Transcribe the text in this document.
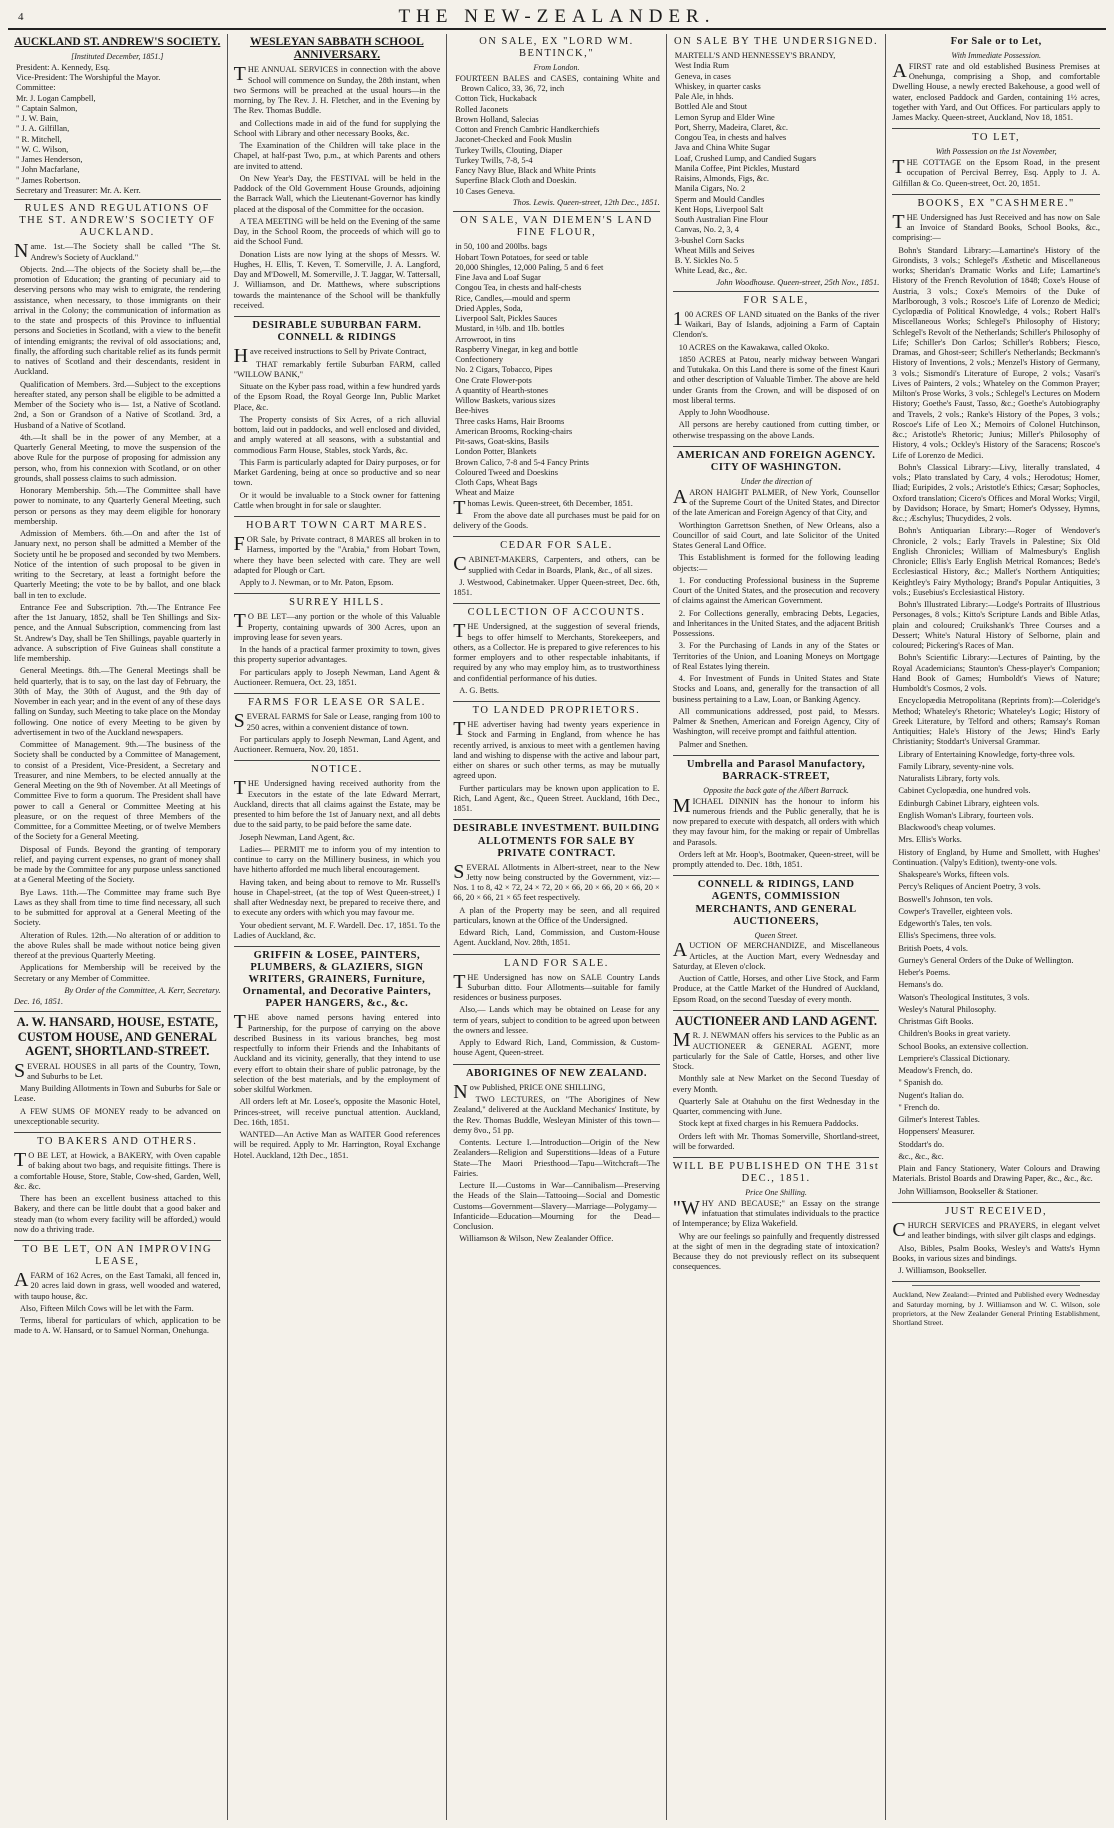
4	THE NEW-ZEALANDER.
AUCKLAND ST. ANDREW'S SOCIETY.
[Instituted December, 1851.]

President: A. Kennedy, Esq.

Vice-President: The Worshipful the Mayor.

Committee:

Mr. J. Logan Campbell,

" Captain Salmon,

" J. W. Bain,

" J. A. Gilfillan,

" R. Mitchell,

" W. C. Wilson,

" James Henderson,

" John Macfarlane,

" James Robertson.

Secretary and Treasurer: Mr. A. Kerr.

RULES AND REGULATIONS OF THE ST. ANDREW'S SOCIETY OF AUCKLAND.

Name. 1st.—The Society shall be called "The St. Andrew's Society of Auckland."

Objects. 2nd.—The objects of the Society shall be,—the promotion of Education; the granting of pecuniary aid to deserving persons who may wish to emigrate, the rendering assistance, when necessary, to those immigrants on their arrival in the Colony; the communication of information as to the state and prospects of this Province to influential persons and Societies in Scotland, with a view to the benefit of intending emigrants; the revival of old associations; and, finally, the affording such charitable relief as its funds permit to natives of Scotland and their descendants, resident in Auckland.

Qualification of Members. 3rd.—Subject to the exceptions hereafter stated, any person shall be eligible to be admitted a Member of the Society who is— 1st, a Native of Scotland. 2nd, a Son or Grandson of a Native of Scotland. 3rd, a Husband of a Native of Scotland.

4th.—It shall be in the power of any Member, at a Quarterly General Meeting, to move the suspension of the above Rule for the purpose of proposing for admission any person, who, from his connexion with Scotland, or on other grounds, shall possess claims to such admission.

Honorary Membership. 5th.—The Committee shall have power to nominate, to any Quarterly General Meeting, such person or persons as they may deem eligible for honorary membership.

Admission of Members. 6th.—On and after the 1st of January next, no person shall be admitted a Member of the Society until he be proposed and seconded by two Members. Notice of the intention of such proposal to be given in writing to the Secretary, at least a fortnight before the Quarterly Meeting; the vote to be by ballot, and one black ball in ten to exclude.

Entrance Fee and Subscription. 7th.—The Entrance Fee after the 1st January, 1852, shall be Ten Shillings and Six-pence, and the Annual Subscription, commencing from last St. Andrew's Day, shall be Ten Shillings, payable quarterly in advance. A subscription of Five Guineas shall constitute a life membership.

General Meetings. 8th.—The General Meetings shall be held quarterly, that is to say, on the last day of February, the 30th of May, the 30th of August, and the 9th day of November in each year; and in the event of any of these days falling on Sunday, such Meeting to take place on the Monday following. One notice of every Meeting to be given by advertisement in two of the Auckland newspapers.

Committee of Management. 9th.—The business of the Society shall be conducted by a Committee of Management, to consist of a President, Vice-President, a Secretary and Treasurer, and nine Members, to be elected annually at the General Meeting on the 9th of November. At all Meetings of Committee Five to form a quorum. The President shall have power to call a General or Committee Meeting at his pleasure, or on the request of three Members of the Committee, for a Committee Meeting, or of twelve Members of the Society for a General Meeting.

Disposal of Funds. Beyond the granting of temporary relief, and paying current expenses, no grant of money shall be made by the Committee for any purpose unless sanctioned at a General Meeting of the Society.

Bye Laws. 11th.—The Committee may frame such Bye Laws as they shall from time to time find necessary, all such to be submitted for approval at a General Meeting of the Society.

Alteration of Rules. 12th.—No alteration of or addition to the above Rules shall be made without notice being given thereof at the previous Quarterly Meeting.

Applications for Membership will be received by the Secretary or any Member of Committee.

By Order of the Committee, A. Kerr, Secretary.

Dec. 16, 1851.

A. W. HANSARD, HOUSE, ESTATE, CUSTOM HOUSE, AND GENERAL AGENT, SHORTLAND-STREET.

SEVERAL HOUSES in all parts of the Country, Town, and Suburbs to be Let.

Many Building Allotments in Town and Suburbs for Sale or Lease.

A FEW SUMS OF MONEY ready to be advanced on unexceptionable security.

TO BAKERS AND OTHERS.

TO BE LET, at Howick, a BAKERY, with Oven capable of baking about two bags, and requisite fittings. There is a comfortable House, Store, Stable, Cow-shed, Garden, Well, &c. &c.

There has been an excellent business attached to this Bakery, and there can be little doubt that a good baker and steady man (to whom every facility will be afforded,) would now do a thriving trade.

TO BE LET, ON AN IMPROVING LEASE,

AFARM of 162 Acres, on the East Tamaki, all fenced in, 20 acres laid down in grass, well wooded and watered, with taupo house, &c.

Also, Fifteen Milch Cows will be let with the Farm.

Terms, liberal for particulars of which, application to be made to A. W. Hansard, or to Samuel Norman, Onehunga.

WESLEYAN SABBATH SCHOOL ANNIVERSARY.

THE ANNUAL SERVICES in connection with the above School will commence on Sunday, the 28th instant, when two Sermons will be preached at the usual hours—in the morning, by The Rev. J. H. Fletcher, and in the Evening by The Rev. Thomas Buddle.

and Collections made in aid of the fund for supplying the School with Library and other necessary Books, &c.

The Examination of the Children will take place in the Chapel, at half-past Two, p.m., at which Parents and others are invited to attend.

On New Year's Day, the FESTIVAL will be held in the Paddock of the Old Government House Grounds, adjoining the Barrack Wall, which the Lieutenant-Governor has kindly placed at the disposal of the Committee for the occasion.

A TEA MEETING will be held on the Evening of the same Day, in the School Room, the proceeds of which will go to aid the School Fund.

Donation Lists are now lying at the shops of Messrs. W. Hughes, H. Ellis, T. Keven, T. Somerville, J. A. Langford, Day and M'Dowell, M. Somerville, J. T. Jaggar, W. Tattersall, J. Williamson, and Dr. Matthews, where subscriptions towards the maintenance of the School will be thankfully received.

DESIRABLE SUBURBAN FARM. CONNELL & RIDINGS

Have received instructions to Sell by Private Contract,

THAT remarkably fertile Suburban FARM, called "WILLOW BANK,"

Situate on the Kyber pass road, within a few hundred yards of the Epsom Road, the Royal George Inn, Public Market Place, &c.

The Property consists of Six Acres, of a rich alluvial bottom, laid out in paddocks, and well enclosed and divided, and amply watered at all seasons, with a substantial and commodious Farm House, Stables, stock Yards, &c.

This Farm is particularly adapted for Dairy purposes, or for Market Gardening, being at once so productive and so near town.

Or it would be invaluable to a Stock owner for fattening Cattle when brought in for sale or slaughter.

HOBART TOWN CART MARES.

FOR Sale, by Private contract, 8 MARES all broken in to Harness, imported by the "Arabia," from Hobart Town, where they have been selected with care. They are well adapted for Plough or Cart.

Apply to J. Newman, or to Mr. Paton, Epsom.

SURREY HILLS.

TO BE LET—any portion or the whole of this Valuable Property, containing upwards of 300 Acres, upon an improving lease for seven years.

In the hands of a practical farmer proximity to town, gives this property superior advantages.

For particulars apply to Joseph Newman, Land Agent & Auctioneer. Remuera, Oct. 23, 1851.

FARMS FOR LEASE OR SALE.

SEVERAL FARMS for Sale or Lease, ranging from 100 to 250 acres, within a convenient distance of town.

For particulars apply to Joseph Newman, Land Agent, and Auctioneer. Remuera, Nov. 20, 1851.

NOTICE.

THE Undersigned having received authority from the Executors in the estate of the late Edward Merrart, Auckland, directs that all claims against the Estate, may be presented to him before the 1st of January next, and all debts due to the said party, to be paid before the same date.

Joseph Newman, Land Agent, &c.

Ladies— PERMIT me to inform you of my intention to continue to carry on the Millinery business, in which you have hitherto afforded me much liberal encouragement.

Having taken, and being about to remove to Mr. Russell's house in Chapel-street, (at the top of West Queen-street,) I shall after Wednesday next, be prepared to receive there, and to execute any orders with which you may favour me.

Your obedient servant, M. F. Wardell. Dec. 17, 1851. To the Ladies of Auckland, &c.

GRIFFIN & LOSEE, PAINTERS, PLUMBERS, & GLAZIERS, SIGN WRITERS, GRAINERS, Furniture, Ornamental, and Decorative Painters, PAPER HANGERS, &c., &c.

THE above named persons having entered into Partnership, for the purpose of carrying on the above described Business in its various branches, beg most respectfully to inform their Friends and the Inhabitants of Auckland and its vicinity, generally, that they intend to use every effort to obtain their share of public patronage, by the selection of the best materials, and by the employment of sober skilful Workmen.

All orders left at Mr. Losee's, opposite the Masonic Hotel, Princes-street, will receive punctual attention. Auckland, Dec. 16th, 1851.

WANTED—An Active Man as WAITER Good references will be required. Apply to Mr. Harrington, Royal Exchange Hotel. Auckland, 12th Dec., 1851.

ON SALE, EX "LORD WM. BENTINCK,"
From London.

FOURTEEN BALES and CASES, containing White and Brown Calico, 33, 36, 72, inch

Cotton Tick, Huckaback

Rolled Jaconets

Brown Holland, Salecias

Cotton and French Cambric Handkerchiefs

Jaconet-Checked and Fook Muslin

Turkey Twills, Clouting, Diaper

Turkey Twills, 7-8, 5-4

Fancy Navy Blue, Black and White Prints

Superfine Black Cloth and Doeskin.

10 Cases Geneva.

Thos. Lewis. Queen-street, 12th Dec., 1851.

ON SALE, VAN DIEMEN'S LAND FINE FLOUR,

in 50, 100 and 200lbs. bags

Hobart Town Potatoes, for seed or table

20,000 Shingles, 12,000 Paling, 5 and 6 feet

Fine Java and Loaf Sugar

Congou Tea, in chests and half-chests

Rice, Candles,—mould and sperm

Dried Apples, Soda,

Liverpool Salt, Pickles Sauces

Mustard, in ½lb. and 1lb. bottles

Arrowroot, in tins

Raspberry Vinegar, in keg and bottle

Confectionery

No. 2 Cigars, Tobacco, Pipes

One Crate Flower-pots

A quantity of Hearth-stones

Willow Baskets, various sizes

Bee-hives

Three casks Hams, Hair Brooms

American Brooms, Rocking-chairs

Pit-saws, Goat-skins, Basils

London Potter, Blankets

Brown Calico, 7-8 and 5-4 Fancy Prints

Coloured Tweed and Doeskins

Cloth Caps, Wheat Bags

Wheat and Maize

Thomas Lewis. Queen-street, 6th December, 1851.

From the above date all purchases must be paid for on delivery of the Goods.

CEDAR FOR SALE.

CABINET-MAKERS, Carpenters, and others, can be supplied with Cedar in Boards, Plank, &c., of all sizes.

J. Westwood, Cabinetmaker. Upper Queen-street, Dec. 6th, 1851.

COLLECTION OF ACCOUNTS.

THE Undersigned, at the suggestion of several friends, begs to offer himself to Merchants, Storekeepers, and others, as a Collector. He is prepared to give references to his former employers and to other respectable inhabitants, if required by any who may employ him, as to trustworthiness and confidential performance of his duties.

A. G. Betts.

TO LANDED PROPRIETORS.

THE advertiser having had twenty years experience in Stock and Farming in England, from whence he has recently arrived, is anxious to meet with a gentlemen having land and wishing to dispense with the active and labour part, either on shares or such other terms, as may be mutually agreed upon.

Further particulars may be known upon application to E. Rich, Land Agent, &c., Queen Street. Auckland, 16th Dec., 1851.

DESIRABLE INVESTMENT. BUILDING ALLOTMENTS FOR SALE BY PRIVATE CONTRACT.

SEVERAL Allotments in Albert-street, near to the New Jetty now being constructed by the Government, viz:— Nos. 1 to 8, 42 × 72, 24 × 72, 20 × 66, 20 × 66, 20 × 66, 20 × 66, 20 × 66, 21 × 65 feet respectively.

A plan of the Property may be seen, and all required particulars, known at the Office of the Undersigned.

Edward Rich, Land, Commission, and Custom-House Agent. Auckland, Nov. 28th, 1851.

LAND FOR SALE.

THE Undersigned has now on SALE Country Lands Suburban ditto. Four Allotments—suitable for family residences or business purposes.

Also,— Lands which may be obtained on Lease for any term of years, subject to condition to be agreed upon between the owners and lessee.

Apply to Edward Rich, Land, Commission, & Custom-house Agent, Queen-street.

ABORIGINES OF NEW ZEALAND.

Now Published, PRICE ONE SHILLING,

TWO LECTURES, on "The Aborigines of New Zealand," delivered at the Auckland Mechanics' Institute, by the Rev. Thomas Buddle, Wesleyan Minister of this town—demy 8vo., 51 pp.

Contents. Lecture I.—Introduction—Origin of the New Zealanders—Religion and Superstitions—Ideas of a Future State—The Maori Priesthood—Tapu—Witchcraft—The Fairies.

Lecture II.—Customs in War—Cannibalism—Preserving the Heads of the Slain—Tattooing—Social and Domestic Customs—Government—Slavery—Marriage—Polygamy—Infanticide—Education—Mourning for the Dead—Conclusion.

Williamson & Wilson, New Zealander Office.

ON SALE BY THE UNDERSIGNED.

MARTELL'S AND HENNESSEY'S BRANDY,

West India Rum

Geneva, in cases

Whiskey, in quarter casks

Pale Ale, in hhds.

Bottled Ale and Stout

Lemon Syrup and Elder Wine

Port, Sherry, Madeira, Claret, &c.

Congou Tea, in chests and halves

Java and China White Sugar

Loaf, Crushed Lump, and Candied Sugars

Manila Coffee, Pint Pickles, Mustard

Raisins, Almonds, Figs, &c.

Manila Cigars, No. 2

Sperm and Mould Candles

Kent Hops, Liverpool Salt

South Australian Fine Flour

Canvas, No. 2, 3, 4

3-bushel Corn Sacks

Wheat Mills and Seives

B. Y. Sickles No. 5

White Lead, &c., &c.

John Woodhouse. Queen-street, 25th Nov., 1851.

FOR SALE,

100 ACRES OF LAND situated on the Banks of the river Waikari, Bay of Islands, adjoining a Farm of Captain Clendon's.

10 ACRES on the Kawakawa, called Okoko.

1850 ACRES at Patou, nearly midway between Wangari and Tutukaka. On this Land there is some of the finest Kauri and other description of Valuable Timber. The above are held under Grants from the Crown, and will be disposed of on most liberal terms.

Apply to John Woodhouse.

All persons are hereby cautioned from cutting timber, or otherwise trespassing on the above Lands.

AMERICAN AND FOREIGN AGENCY. CITY OF WASHINGTON.
Under the direction of

AARON HAIGHT PALMER, of New York, Counsellor of the Supreme Court of the United States, and Director of the late American and Foreign Agency of that City, and

Worthington Garrettson Snethen, of New Orleans, also a Councillor of said Court, and late Solicitor of the United States General Land Office.

This Establishment is formed for the following leading objects:—

1. For conducting Professional business in the Supreme Court of the United States, and the prosecution and recovery of claims against the American Government.

2. For Collections generally, embracing Debts, Legacies, and Inheritances in the United States, and the adjacent British Possessions.

3. For the Purchasing of Lands in any of the States or Territories of the Union, and Loaning Moneys on Mortgage of Real Estates lying therein.

4. For Investment of Funds in United States and State Stocks and Loans, and, generally for the transaction of all business pertaining to a Law, Loan, or Banking Agency.

All communications addressed, post paid, to Messrs. Palmer & Snethen, American and Foreign Agency, City of Washington, will receive prompt and faithful attention.

Palmer and Snethen.

Umbrella and Parasol Manufactory, BARRACK-STREET,
Opposite the back gate of the Albert Barrack.

MICHAEL DINNIN has the honour to inform his numerous friends and the Public generally, that he is now prepared to execute with despatch, all orders with which they may favour him, for the making or repair of Umbrellas and Parasols.

Orders left at Mr. Hoop's, Bootmaker, Queen-street, will be promptly attended to. Dec. 18th, 1851.

CONNELL & RIDINGS, LAND AGENTS, COMMISSION MERCHANTS, AND GENERAL AUCTIONEERS,
Queen Street.

AUCTION OF MERCHANDIZE, and Miscellaneous Articles, at the Auction Mart, every Wednesday and Saturday, at Eleven o'clock.

Auction of Cattle, Horses, and other Live Stock, and Farm Produce, at the Cattle Market of the Hundred of Auckland, Epsom Road, on the second Tuesday of every month.

AUCTIONEER AND LAND AGENT.

MR. J. NEWMAN offers his services to the Public as an AUCTIONEER & GENERAL AGENT, more particularly for the Sale of Cattle, Horses, and other live Stock.

Monthly sale at New Market on the Second Tuesday of every Month.

Quarterly Sale at Otahuhu on the first Wednesday in the Quarter, commencing with June.

Stock kept at fixed charges in his Remuera Paddocks.

Orders left with Mr. Thomas Somerville, Shortland-street, will be forwarded.

WILL BE PUBLISHED ON THE 31st DEC., 1851.
Price One Shilling.

"WHY AND BECAUSE;" an Essay on the strange infatuation that stimulates individuals to the practice of Intemperance; by Eliza Wakefield.

Why are our feelings so painfully and frequently distressed at the sight of men in the degrading state of intoxication? Because they do not previously reflect on its subsequent consequences.

For Sale or to Let,
With Immediate Possession.

AFIRST rate and old established Business Premises at Onehunga, comprising a Shop, and comfortable Dwelling House, a newly erected Bakehouse, a good well of water, enclosed Paddock and Garden, containing 1½ acres, together with Yard, and Out Offices. For particulars apply to James Macky. Queen-street, Auckland, Nov 18, 1851.

TO LET,
With Possession on the 1st November,

THE COTTAGE on the Epsom Road, in the present occupation of Percival Berrey, Esq. Apply to J. A. Gilfillan & Co. Queen-street, Oct. 20, 1851.

BOOKS, EX "CASHMERE."

THE Undersigned has Just Received and has now on Sale an Invoice of Standard Books, School Books, &c., comprising:—

Bohn's Standard Library:—Lamartine's History of the Girondists, 3 vols.; Schlegel's Æsthetic and Miscellaneous works; Sheridan's Dramatic Works and Life; Lamartine's History of the French Revolution of 1848; Coxe's House of Austria, 3 vols.; Coxe's Memoirs of the Duke of Marlborough, 3 vols.; Roscoe's Life of Lorenzo de Medici; Cyclopædia of Political Knowledge, 4 vols.; Robert Hall's Miscellaneous Works; Schlegel's Philosophy of History; Schlegel's Revolt of the Netherlands; Schiller's Philosophy of Life; Schiller's Don Carlos; Schiller's Robbers; Fiesco, Dramas, and Ghost-seer; Schiller's Netherlands; Beckmann's History of Inventions, 2 vols.; Menzel's History of Germany, 3 vols.; Sismondi's Literature of Europe, 2 vols.; Vasari's Lives of Painters, 2 vols.; Whateley on the Common Prayer; Milton's Prose Works, 3 vols.; Schlegel's Lectures on Modern History; Goethe's Faust, Tasso, &c.; Goethe's Autobiography and Travels, 2 vols.; Ranke's History of the Popes, 3 vols.; Roscoe's Life of Leo X.; Memoirs of Colonel Hutchinson, &c.; Aristotle's Rhetoric; Junius; Miller's Philosophy of History, 4 vols.; Ockley's History of the Saracens; Roscoe's Life of Lorenzo de Medici.

Bohn's Classical Library:—Livy, literally translated, 4 vols.; Plato translated by Cary, 4 vols.; Herodotus; Homer, Iliad; Euripides, 2 vols.; Aristotle's Ethics; Cæsar; Sophocles, Oxford translation; Cicero's Offices and Moral Works; Virgil, by Davidson; Horace, by Smart; Homer's Odyssey, Hymns, &c.; Æschylus; Thucydides, 2 vols.

Bohn's Antiquarian Library:—Roger of Wendover's Chronicle, 2 vols.; Early Travels in Palestine; Six Old English Chronicles; William of Malmesbury's English Chronicle; Ellis's Early English Metrical Romances; Bede's Ecclesiastical History, &c.; Mallet's Northern Antiquities; Keightley's Fairy Mythology; Brand's Popular Antiquities, 3 vols.; Eusebius's Ecclesiastical History.

Bohn's Illustrated Library:—Lodge's Portraits of Illustrious Personages, 8 vols.; Kitto's Scripture Lands and Bible Atlas, plain and coloured; Cruikshank's Three Courses and a Dessert; White's Natural History of Selborne, plain and coloured; Pickering's Races of Man.

Bohn's Scientific Library:—Lectures of Painting, by the Royal Academicians; Staunton's Chess-player's Companion; Hand Book of Games; Humboldt's Views of Nature; Humboldt's Cosmos, 2 vols.

Encyclopædia Metropolitana (Reprints from):—Coleridge's Method; Whateley's Rhetoric; Whateley's Logic; History of Greek Literature, by Telford and others; Ramsay's Roman Antiquities; Hale's History of the Jews; Hind's Early Christianity; Stoddart's Universal Grammar.

Library of Entertaining Knowledge, forty-three vols.

Family Library, seventy-nine vols.

Naturalists Library, forty vols.

Cabinet Cyclopædia, one hundred vols.

Edinburgh Cabinet Library, eighteen vols.

English Woman's Library, fourteen vols.

Blackwood's cheap volumes.

Mrs. Ellis's Works.

History of England, by Hume and Smollett, with Hughes' Continuation. (Valpy's Edition), twenty-one vols.

Shakspeare's Works, fifteen vols.

Percy's Reliques of Ancient Poetry, 3 vols.

Boswell's Johnson, ten vols.

Cowper's Traveller, eighteen vols.

Edgeworth's Tales, ten vols.

Ellis's Specimens, three vols.

British Poets, 4 vols.

Gurney's General Orders of the Duke of Wellington.

Heber's Poems.

Hemans's do.

Watson's Theological Institutes, 3 vols.

Wesley's Natural Philosophy.

Christmas Gift Books.

Children's Books in great variety.

School Books, an extensive collection.

Lempriere's Classical Dictionary.

Meadow's French, do.

" Spanish do.

Nugent's Italian do.

" French do.

Gilmer's Interest Tables.

Hoppensers' Measurer.

Stoddart's do.

&c., &c., &c.

Plain and Fancy Stationery, Water Colours and Drawing Materials. Bristol Boards and Drawing Paper, &c., &c., &c.

John Williamson, Bookseller & Stationer.

JUST RECEIVED,

CHURCH SERVICES and PRAYERS, in elegant velvet and leather bindings, with silver gilt clasps and edgings.

Also, Bibles, Psalm Books, Wesley's and Watts's Hymn Books, in various sizes and bindings.

J. Williamson, Bookseller.

Auckland, New Zealand:—Printed and Published every Wednesday and Saturday morning, by J. Williamson and W. C. Wilson, sole proprietors, at the New Zealander General Printing Establishment, Shortland Street.
